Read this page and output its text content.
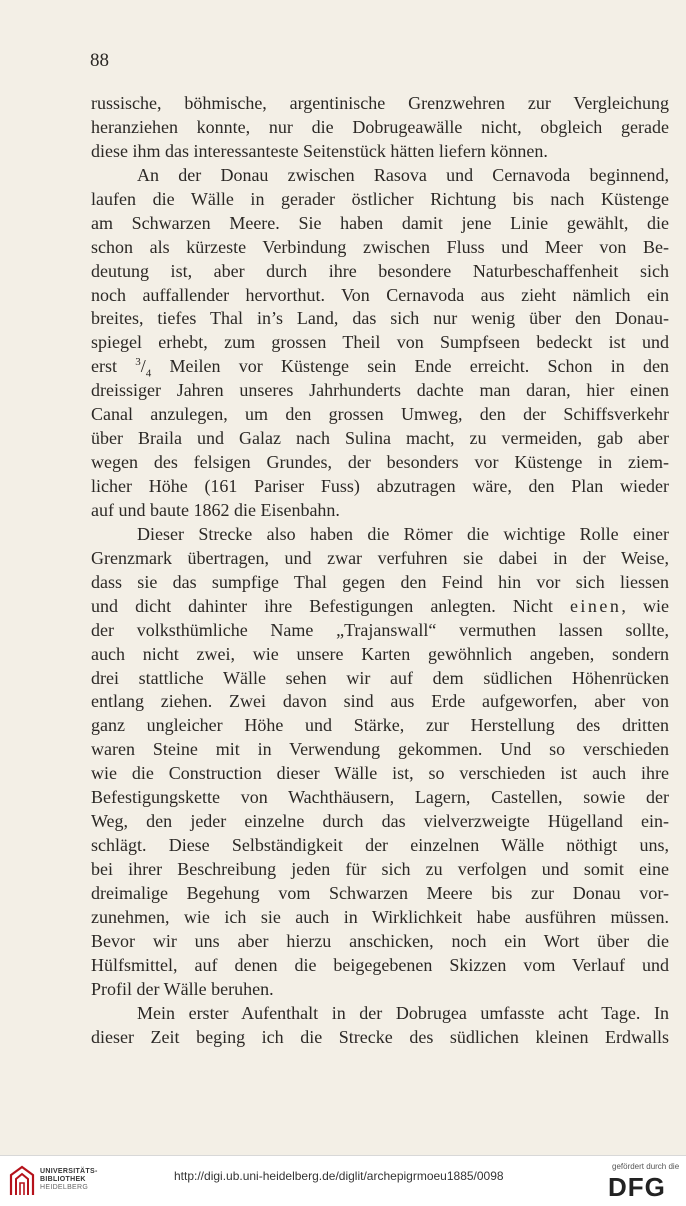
88
russische, böhmische, argentinische Grenzwehren zur Vergleichung
heranziehen konnte, nur die Dobrugeawälle nicht, obgleich gerade
diese ihm das interessanteste Seitenstück hätten liefern können.
An der Donau zwischen Rasova und Cernavoda beginnend,
laufen die Wälle in gerader östlicher Richtung bis nach Küstenge
am Schwarzen Meere. Sie haben damit jene Linie gewählt, die
schon als kürzeste Verbindung zwischen Fluss und Meer von Be-
deutung ist, aber durch ihre besondere Naturbeschaffenheit sich
noch auffallender hervorthut. Von Cernavoda aus zieht nämlich ein
breites, tiefes Thal in’s Land, das sich nur wenig über den Donau-
spiegel erhebt, zum grossen Theil von Sumpfseen bedeckt ist und
erst $^3/_4$ Meilen vor Küstenge sein Ende erreicht. Schon in den
dreissiger Jahren unseres Jahrhunderts dachte man daran, hier einen
Canal anzulegen, um den grossen Umweg, den der Schiffsverkehr
über Braila und Galaz nach Sulina macht, zu vermeiden, gab aber
wegen des felsigen Grundes, der besonders vor Küstenge in ziem-
licher Höhe (161 Pariser Fuss) abzutragen wäre, den Plan wieder
auf und baute 1862 die Eisenbahn.
Dieser Strecke also haben die Römer die wichtige Rolle einer
Grenzmark übertragen, und zwar verfuhren sie dabei in der Weise,
dass sie das sumpfige Thal gegen den Feind hin vor sich liessen
und dicht dahinter ihre Befestigungen anlegten. Nicht einen, wie
der volksthümliche Name „Trajanswall“ vermuthen lassen sollte,
auch nicht zwei, wie unsere Karten gewöhnlich angeben, sondern
drei stattliche Wälle sehen wir auf dem südlichen Höhenrücken
entlang ziehen. Zwei davon sind aus Erde aufgeworfen, aber von
ganz ungleicher Höhe und Stärke, zur Herstellung des dritten
waren Steine mit in Verwendung gekommen. Und so verschieden
wie die Construction dieser Wälle ist, so verschieden ist auch ihre
Befestigungskette von Wachthäusern, Lagern, Castellen, sowie der
Weg, den jeder einzelne durch das vielverzweigte Hügelland ein-
schlägt. Diese Selbständigkeit der einzelnen Wälle nöthigt uns,
bei ihrer Beschreibung jeden für sich zu verfolgen und somit eine
dreimalige Begehung vom Schwarzen Meere bis zur Donau vor-
zunehmen, wie ich sie auch in Wirklichkeit habe ausführen müssen.
Bevor wir uns aber hierzu anschicken, noch ein Wort über die
Hülfsmittel, auf denen die beigegebenen Skizzen vom Verlauf und
Profil der Wälle beruhen.
Mein erster Aufenthalt in der Dobrugea umfasste acht Tage. In
dieser Zeit beging ich die Strecke des südlichen kleinen Erdwalls
UNIVERSITÄTS-
BIBLIOTHEK
HEIDELBERG
http://digi.ub.uni-heidelberg.de/diglit/archepigrmoeu1885/0098
gefördert durch die
DFG
